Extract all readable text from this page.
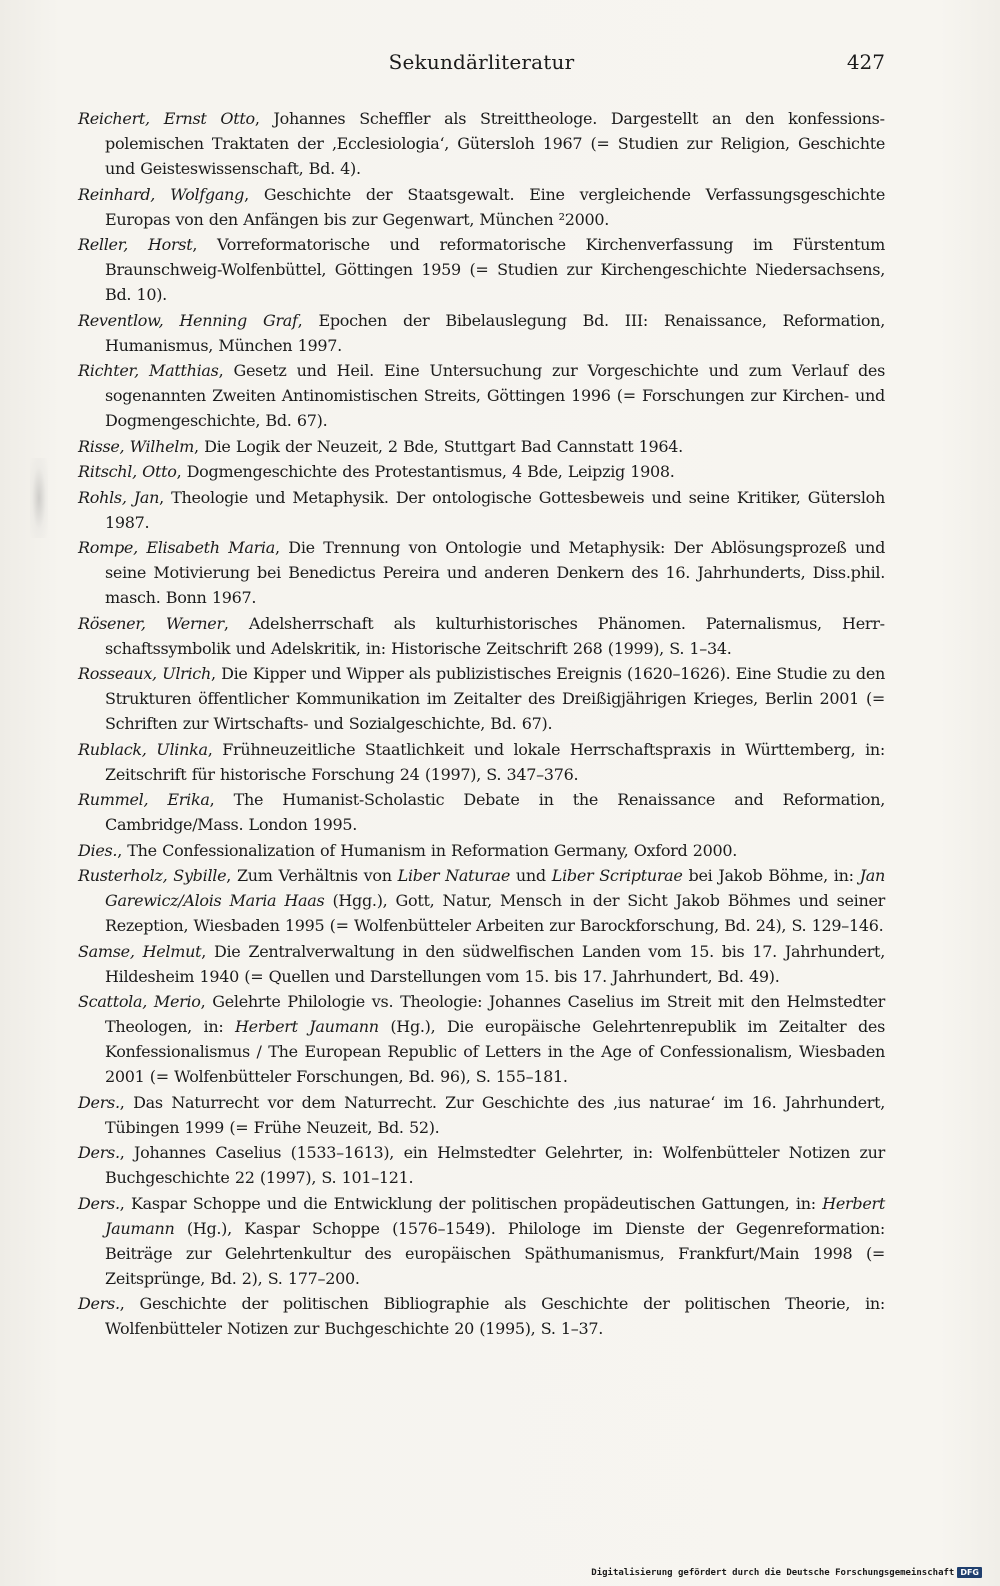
Sekundärliteratur	427

Reichert, Ernst Otto, Johannes Scheffler als Streittheologe. Dargestellt an den konfessionspolemischen Traktaten der ‚Ecclesiologia‘, Gütersloh 1967 (= Studien zur Religion, Geschichte und Geisteswissenschaft, Bd. 4).

Reinhard, Wolfgang, Geschichte der Staatsgewalt. Eine vergleichende Verfassungsgeschichte Europas von den Anfängen bis zur Gegenwart, München ²2000.

Reller, Horst, Vorreformatorische und reformatorische Kirchenverfassung im Fürstentum Braunschweig-Wolfenbüttel, Göttingen 1959 (= Studien zur Kirchengeschichte Niedersachsens, Bd. 10).

Reventlow, Henning Graf, Epochen der Bibelauslegung Bd. III: Renaissance, Reformation, Humanismus, München 1997.

Richter, Matthias, Gesetz und Heil. Eine Untersuchung zur Vorgeschichte und zum Verlauf des sogenannten Zweiten Antinomistischen Streits, Göttingen 1996 (= Forschungen zur Kirchen- und Dogmengeschichte, Bd. 67).

Risse, Wilhelm, Die Logik der Neuzeit, 2 Bde, Stuttgart Bad Cannstatt 1964.

Ritschl, Otto, Dogmengeschichte des Protestantismus, 4 Bde, Leipzig 1908.

Rohls, Jan, Theologie und Metaphysik. Der ontologische Gottesbeweis und seine Kritiker, Gütersloh 1987.

Rompe, Elisabeth Maria, Die Trennung von Ontologie und Metaphysik: Der Ablösungsprozeß und seine Motivierung bei Benedictus Pereira und anderen Denkern des 16. Jahrhunderts, Diss.phil. masch. Bonn 1967.

Rösener, Werner, Adelsherrschaft als kulturhistorisches Phänomen. Paternalismus, Herrschaftssymbolik und Adelskritik, in: Historische Zeitschrift 268 (1999), S. 1–34.

Rosseaux, Ulrich, Die Kipper und Wipper als publizistisches Ereignis (1620–1626). Eine Studie zu den Strukturen öffentlicher Kommunikation im Zeitalter des Dreißigjährigen Krieges, Berlin 2001 (= Schriften zur Wirtschafts- und Sozialgeschichte, Bd. 67).

Rublack, Ulinka, Frühneuzeitliche Staatlichkeit und lokale Herrschaftspraxis in Württemberg, in: Zeitschrift für historische Forschung 24 (1997), S. 347–376.

Rummel, Erika, The Humanist-Scholastic Debate in the Renaissance and Reformation, Cambridge/Mass. London 1995.

Dies., The Confessionalization of Humanism in Reformation Germany, Oxford 2000.

Rusterholz, Sybille, Zum Verhältnis von Liber Naturae und Liber Scripturae bei Jakob Böhme, in: Jan Garewicz/Alois Maria Haas (Hgg.), Gott, Natur, Mensch in der Sicht Jakob Böhmes und seiner Rezeption, Wiesbaden 1995 (= Wolfenbütteler Arbeiten zur Barockforschung, Bd. 24), S. 129–146.

Samse, Helmut, Die Zentralverwaltung in den südwelfischen Landen vom 15. bis 17. Jahrhundert, Hildesheim 1940 (= Quellen und Darstellungen vom 15. bis 17. Jahrhundert, Bd. 49).

Scattola, Merio, Gelehrte Philologie vs. Theologie: Johannes Caselius im Streit mit den Helmstedter Theologen, in: Herbert Jaumann (Hg.), Die europäische Gelehrtenrepublik im Zeitalter des Konfessionalismus / The European Republic of Letters in the Age of Confessionalism, Wiesbaden 2001 (= Wolfenbütteler Forschungen, Bd. 96), S. 155–181.

Ders., Das Naturrecht vor dem Naturrecht. Zur Geschichte des ‚ius naturae‘ im 16. Jahrhundert, Tübingen 1999 (= Frühe Neuzeit, Bd. 52).

Ders., Johannes Caselius (1533–1613), ein Helmstedter Gelehrter, in: Wolfenbütteler Notizen zur Buchgeschichte 22 (1997), S. 101–121.

Ders., Kaspar Schoppe und die Entwicklung der politischen propädeutischen Gattungen, in: Herbert Jaumann (Hg.), Kaspar Schoppe (1576–1549). Philologe im Dienste der Gegenreformation: Beiträge zur Gelehrtenkultur des europäischen Späthumanismus, Frankfurt/Main 1998 (= Zeitsprünge, Bd. 2), S. 177–200.

Ders., Geschichte der politischen Bibliographie als Geschichte der politischen Theorie, in: Wolfenbütteler Notizen zur Buchgeschichte 20 (1995), S. 1–37.

Digitalisierung gefördert durch die Deutsche Forschungsgemeinschaft DFG
